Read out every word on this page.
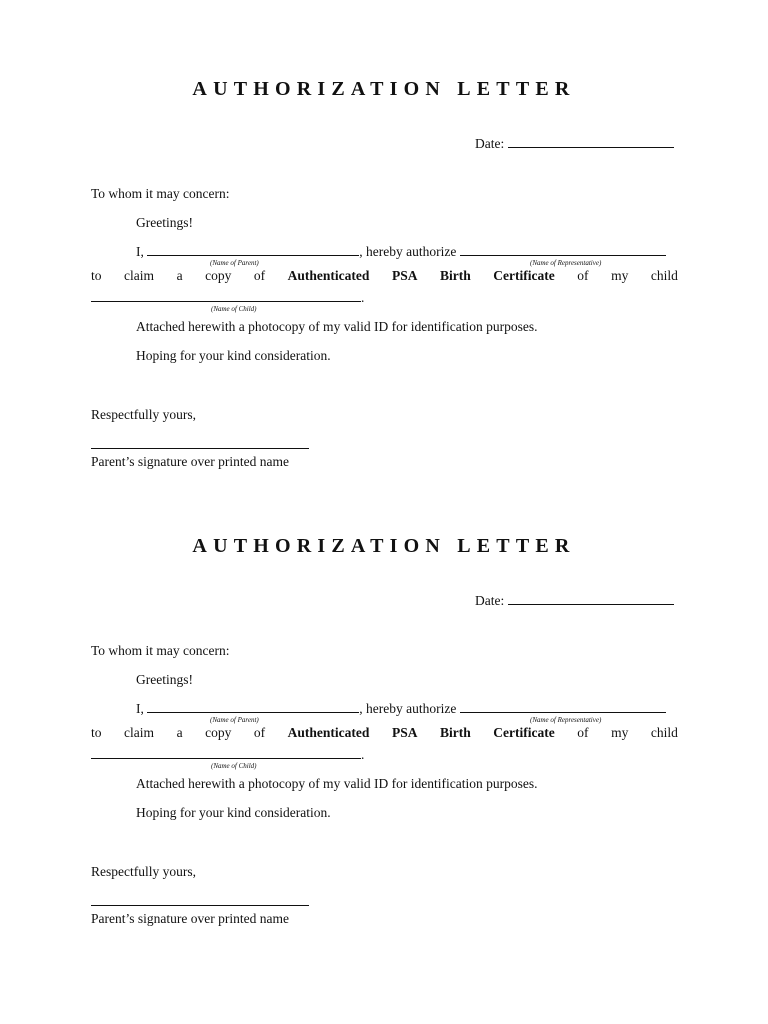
AUTHORIZATION LETTER
Date:
To whom it may concern:
Greetings!
I,	, hereby authorize
(Name of Parent)	(Name of Representative)
to claim a copy of Authenticated PSA Birth Certificate of my child
.
(Name of Child)
Attached herewith a photocopy of my valid ID for identification purposes.
Hoping for your kind consideration.
Respectfully yours,
Parent’s signature over printed name
AUTHORIZATION LETTER
Date:
To whom it may concern:
Greetings!
I,	, hereby authorize
(Name of Parent)	(Name of Representative)
to claim a copy of Authenticated PSA Birth Certificate of my child
.
(Name of Child)
Attached herewith a photocopy of my valid ID for identification purposes.
Hoping for your kind consideration.
Respectfully yours,
Parent’s signature over printed name
